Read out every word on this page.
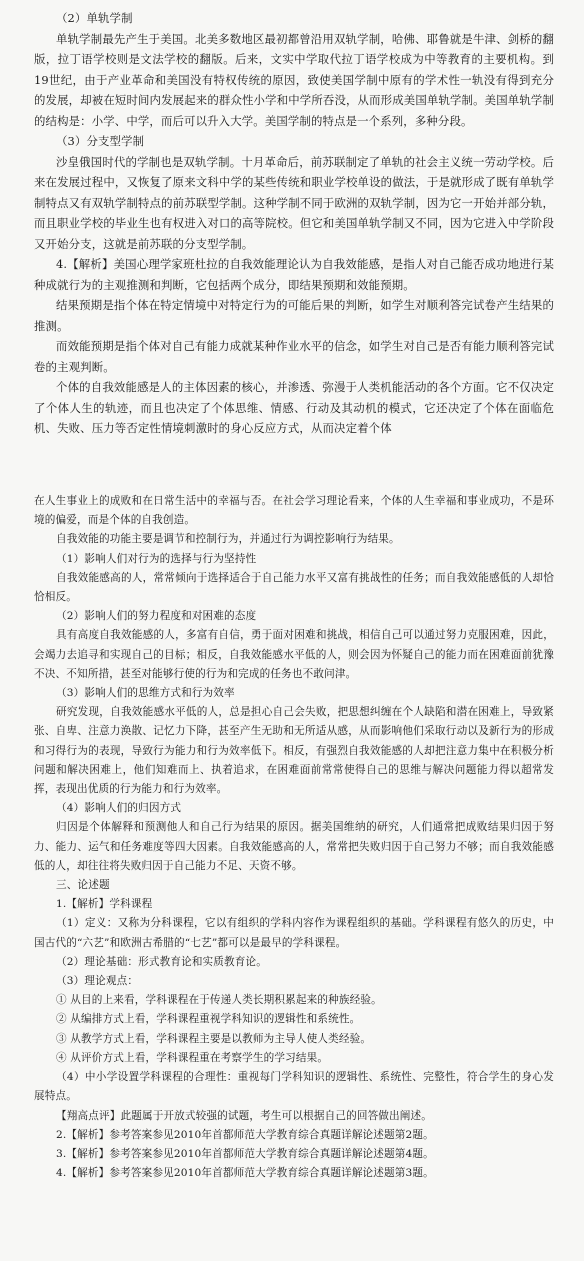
（2）单轨学制

单轨学制最先产生于美国。北美多数地区最初都曾沿用双轨学制，哈佛、耶鲁就是牛津、剑桥的翻版，拉丁语学校则是文法学校的翻版。后来，文实中学取代拉丁语学校成为中等教育的主要机构。到19世纪，由于产业革命和美国没有特权传统的原因，致使美国学制中原有的学术性一轨没有得到充分的发展，却被在短时间内发展起来的群众性小学和中学所吞没，从而形成美国单轨学制。美国单轨学制的结构是：小学、中学，而后可以升入大学。美国学制的特点是一个系列，多种分段。

（3）分支型学制

沙皇俄国时代的学制也是双轨学制。十月革命后，前苏联制定了单轨的社会主义统一劳动学校。后来在发展过程中，又恢复了原来文科中学的某些传统和职业学校单设的做法，于是就形成了既有单轨学制特点又有双轨学制特点的前苏联型学制。这种学制不同于欧洲的双轨学制，因为它一开始并部分轨，而且职业学校的毕业生也有权进入对口的高等院校。但它和美国单轨学制又不同，因为它进入中学阶段又开始分支，这就是前苏联的分支型学制。

4.【解析】美国心理学家班杜拉的自我效能理论认为自我效能感，是指人对自己能否成功地进行某种成就行为的主观推测和判断，它包括两个成分，即结果预期和效能预期。

结果预期是指个体在特定情境中对特定行为的可能后果的判断，如学生对顺利答完试卷产生结果的推测。

而效能预期是指个体对自己有能力成就某种作业水平的信念，如学生对自己是否有能力顺利答完试卷的主观判断。

个体的自我效能感是人的主体因素的核心，并渗透、弥漫于人类机能活动的各个方面。它不仅决定了个体人生的轨迹，而且也决定了个体思维、情感、行动及其动机的模式，它还决定了个体在面临危机、失败、压力等否定性情境刺激时的身心反应方式，从而决定着个体

在人生事业上的成败和在日常生活中的幸福与否。在社会学习理论看来，个体的人生幸福和事业成功，不是环境的偏爱，而是个体的自我创造。

自我效能的功能主要是调节和控制行为，并通过行为调控影响行为结果。

（1）影响人们对行为的选择与行为坚持性

自我效能感高的人，常常倾向于选择适合于自己能力水平又富有挑战性的任务；而自我效能感低的人却恰恰相反。

（2）影响人们的努力程度和对困难的态度

具有高度自我效能感的人，多富有自信，勇于面对困难和挑战，相信自己可以通过努力克服困难，因此，会竭力去追寻和实现自己的目标；相反，自我效能感水平低的人，则会因为怀疑自己的能力而在困难面前犹豫不决、不知所措，甚至对能够行使的行为和完成的任务也不敢问津。

（3）影响人们的思维方式和行为效率

研究发现，自我效能感水平低的人，总是担心自己会失败，把思想纠缠在个人缺陷和潜在困难上，导致紧张、自卑、注意力涣散、记忆力下降，甚至产生无助和无所适从感，从而影响他们采取行动以及新行为的形成和习得行为的表现，导致行为能力和行为效率低下。相反，有强烈自我效能感的人却把注意力集中在积极分析问题和解决困难上，他们知难而上、执着追求，在困难面前常常使得自己的思维与解决问题能力得以超常发挥，表现出优质的行为能力和行为效率。

（4）影响人们的归因方式

归因是个体解释和预测他人和自己行为结果的原因。据美国维纳的研究，人们通常把成败结果归因于努力、能力、运气和任务难度等四大因素。自我效能感高的人，常常把失败归因于自己努力不够；而自我效能感低的人，却往往将失败归因于自己能力不足、天资不够。

三、论述题

1.【解析】学科课程

（1）定义：又称为分科课程，它以有组织的学科内容作为课程组织的基础。学科课程有悠久的历史，中国古代的“六艺”和欧洲古希腊的“七艺”都可以是最早的学科课程。

（2）理论基础：形式教育论和实质教育论。

（3）理论观点：

① 从目的上来看，学科课程在于传递人类长期积累起来的种族经验。

② 从编排方式上看，学科课程重视学科知识的逻辑性和系统性。

③ 从教学方式上看，学科课程主要是以教师为主导人使人类经验。

④ 从评价方式上看，学科课程重在考察学生的学习结果。

（4）中小学设置学科课程的合理性：重视每门学科知识的逻辑性、系统性、完整性，符合学生的身心发展特点。

【翔高点评】此题属于开放式较强的试题，考生可以根据自己的回答做出阐述。

2.【解析】参考答案参见2010年首都师范大学教育综合真题详解论述题第2题。

3.【解析】参考答案参见2010年首都师范大学教育综合真题详解论述题第4题。

4.【解析】参考答案参见2010年首都师范大学教育综合真题详解论述题第3题。
